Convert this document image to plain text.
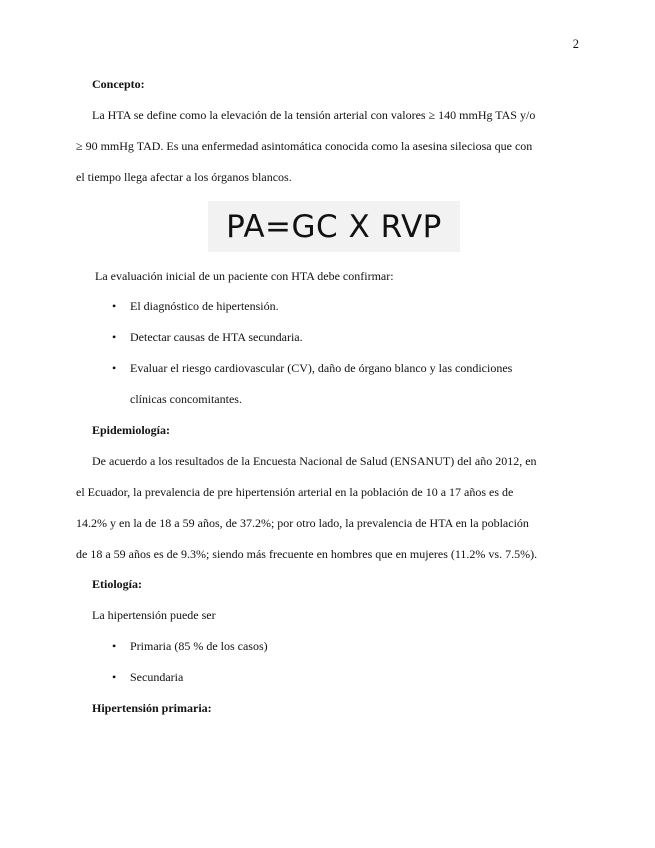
2
Concepto:
La HTA se define como la elevación de la tensión arterial con valores ≥ 140 mmHg TAS y/o
≥ 90 mmHg TAD. Es una enfermedad asintomática conocida como la asesina sileciosa que con
el tiempo llega afectar a los órganos blancos.
PA=GC X RVP
La evaluación inicial de un paciente con HTA debe confirmar:
• El diagnóstico de hipertensión.
• Detectar causas de HTA secundaria.
• Evaluar el riesgo cardiovascular (CV), daño de órgano blanco y las condiciones
clínicas concomitantes.
Epidemiología:
De acuerdo a los resultados de la Encuesta Nacional de Salud (ENSANUT) del año 2012, en
el Ecuador, la prevalencia de pre hipertensión arterial en la población de 10 a 17 años es de
14.2% y en la de 18 a 59 años, de 37.2%; por otro lado, la prevalencia de HTA en la población
de 18 a 59 años es de 9.3%; siendo más frecuente en hombres que en mujeres (11.2% vs. 7.5%).
Etiología:
La hipertensión puede ser
• Primaria (85 % de los casos)
• Secundaria
Hipertensión primaria:
